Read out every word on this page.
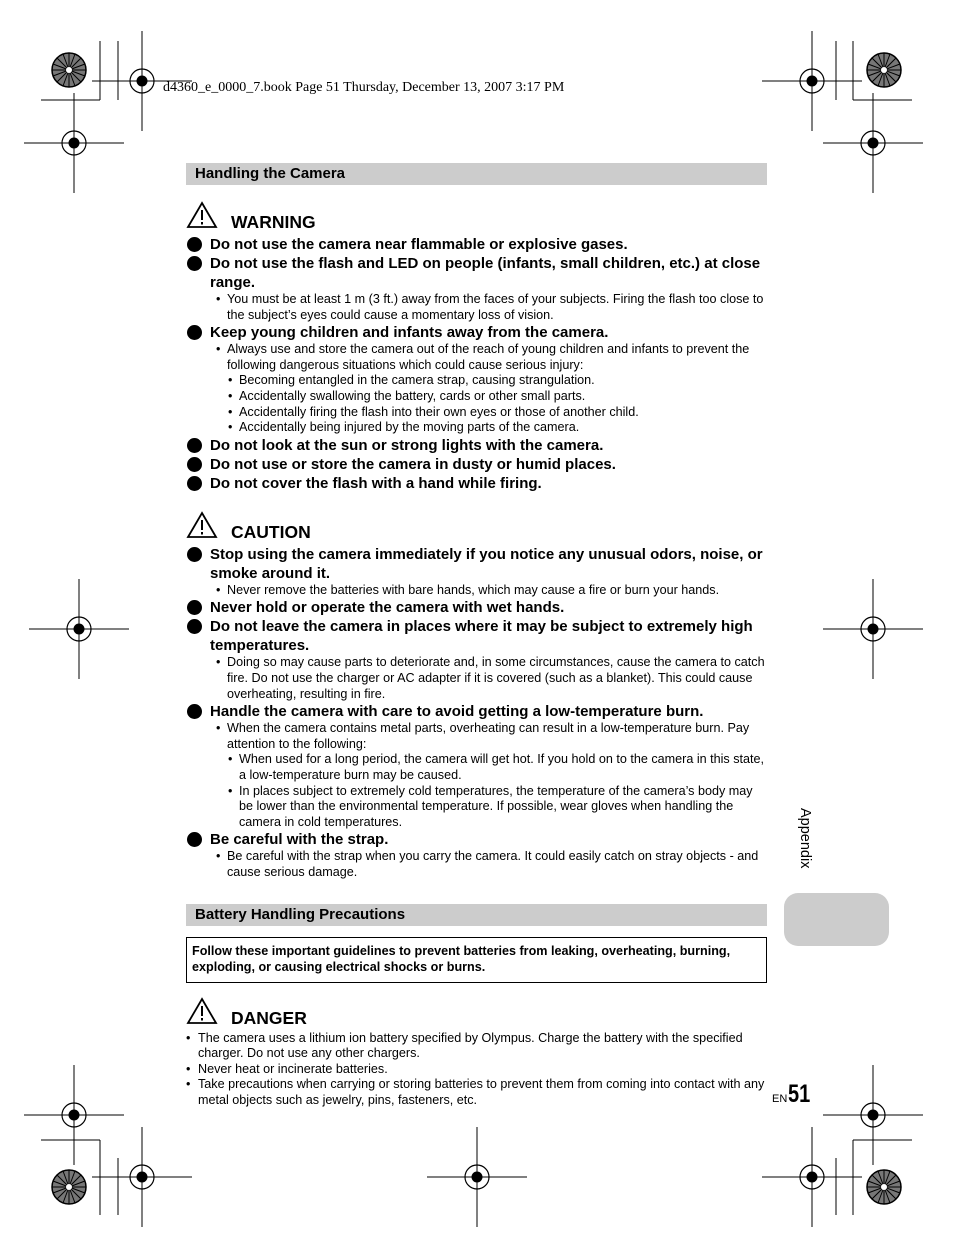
d4360_e_0000_7.book Page 51 Thursday, December 13, 2007 3:17 PM
Handling the Camera
WARNING
Do not use the camera near flammable or explosive gases.
Do not use the flash and LED on people (infants, small children, etc.) at close range.
• You must be at least 1 m (3 ft.) away from the faces of your subjects. Firing the flash too close to the subject’s eyes could cause a momentary loss of vision.
Keep young children and infants away from the camera.
• Always use and store the camera out of the reach of young children and infants to prevent the following dangerous situations which could cause serious injury:
• Becoming entangled in the camera strap, causing strangulation.
• Accidentally swallowing the battery, cards or other small parts.
• Accidentally firing the flash into their own eyes or those of another child.
• Accidentally being injured by the moving parts of the camera.
Do not look at the sun or strong lights with the camera.
Do not use or store the camera in dusty or humid places.
Do not cover the flash with a hand while firing.
CAUTION
Stop using the camera immediately if you notice any unusual odors, noise, or smoke around it.
• Never remove the batteries with bare hands, which may cause a fire or burn your hands.
Never hold or operate the camera with wet hands.
Do not leave the camera in places where it may be subject to extremely high temperatures.
• Doing so may cause parts to deteriorate and, in some circumstances, cause the camera to catch fire. Do not use the charger or AC adapter if it is covered (such as a blanket). This could cause overheating, resulting in fire.
Handle the camera with care to avoid getting a low-temperature burn.
• When the camera contains metal parts, overheating can result in a low-temperature burn. Pay attention to the following:
• When used for a long period, the camera will get hot. If you hold on to the camera in this state, a low-temperature burn may be caused.
• In places subject to extremely cold temperatures, the temperature of the camera’s body may be lower than the environmental temperature. If possible, wear gloves when handling the camera in cold temperatures.
Be careful with the strap.
• Be careful with the strap when you carry the camera. It could easily catch on stray objects - and cause serious damage.
Battery Handling Precautions
Follow these important guidelines to prevent batteries from leaking, overheating, burning, exploding, or causing electrical shocks or burns.
DANGER
• The camera uses a lithium ion battery specified by Olympus. Charge the battery with the specified charger. Do not use any other chargers.
• Never heat or incinerate batteries.
• Take precautions when carrying or storing batteries to prevent them from coming into contact with any metal objects such as jewelry, pins, fasteners, etc.
Appendix
EN 51
